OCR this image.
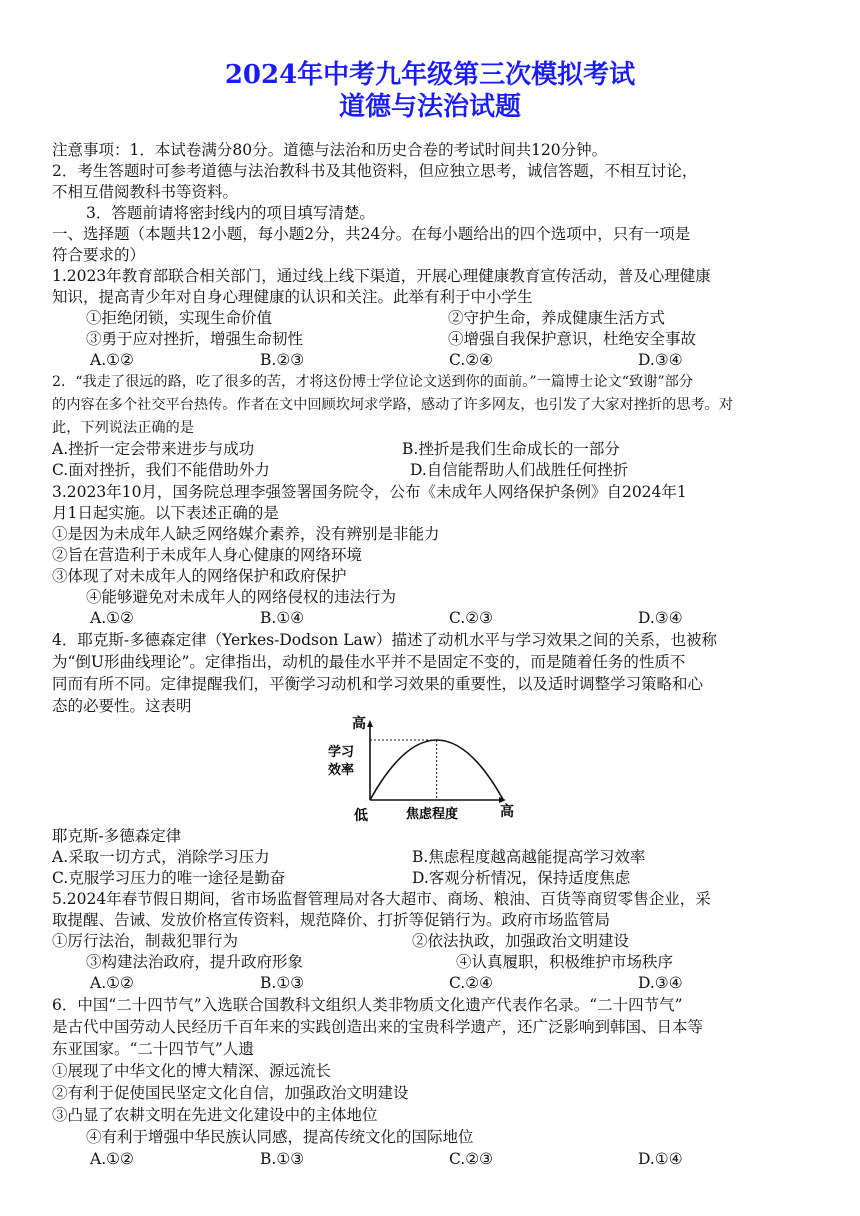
2024年中考九年级第三次模拟考试
道德与法治试题
注意事项：1．本试卷满分80分。道德与法治和历史合卷的考试时间共120分钟。
2．考生答题时可参考道德与法治教科书及其他资料，但应独立思考，诚信答题，不相互讨论，
不相互借阅教科书等资料。
3．答题前请将密封线内的项目填写清楚。
一、选择题（本题共12小题，每小题2分，共24分。在每小题给出的四个选项中，只有一项是
符合要求的）
1.2023年教育部联合相关部门，通过线上线下渠道，开展心理健康教育宣传活动，普及心理健康
知识，提高青少年对自身心理健康的认识和关注。此举有利于中小学生
①拒绝闭锁，实现生命价值	②守护生命，养成健康生活方式
③勇于应对挫折，增强生命韧性	④增强自我保护意识，杜绝安全事故
A.①②	B.②③	C.②④	D.③④
2．“我走了很远的路，吃了很多的苦，才将这份博士学位论文送到你的面前。”一篇博士论文“致谢”部分
的内容在多个社交平台热传。作者在文中回顾坎坷求学路，感动了许多网友，也引发了大家对挫折的思考。对
此，下列说法正确的是
A.挫折一定会带来进步与成功	B.挫折是我们生命成长的一部分
C.面对挫折，我们不能借助外力	D.自信能帮助人们战胜任何挫折
3.2023年10月，国务院总理李强签署国务院令，公布《未成年人网络保护条例》自2024年1
月1日起实施。以下表述正确的是
①是因为未成年人缺乏网络媒介素养，没有辨别是非能力
②旨在营造利于未成年人身心健康的网络环境
③体现了对未成年人的网络保护和政府保护
④能够避免对未成年人的网络侵权的违法行为
A.①②	B.①④	C.②③	D.③④
4．耶克斯-多德森定律（Yerkes-Dodson Law）描述了动机水平与学习效果之间的关系，也被称
为“倒U形曲线理论”。定律指出，动机的最佳水平并不是固定不变的，而是随着任务的性质不
同而有所不同。定律提醒我们，平衡学习动机和学习效果的重要性，以及适时调整学习策略和心
态的必要性。这表明
高
学习
效率
低	焦虑程度	高
耶克斯-多德森定律
A.采取一切方式，消除学习压力	B.焦虑程度越高越能提高学习效率
C.克服学习压力的唯一途径是勤奋	D.客观分析情况，保持适度焦虑
5.2024年春节假日期间，省市场监督管理局对各大超市、商场、粮油、百货等商贸零售企业，采
取提醒、告诫、发放价格宣传资料，规范降价、打折等促销行为。政府市场监管局
①厉行法治，制裁犯罪行为	②依法执政，加强政治文明建设
③构建法治政府，提升政府形象	④认真履职，积极维护市场秩序
A.①②	B.①③	C.②④	D.③④
6．中国“二十四节气”入选联合国教科文组织人类非物质文化遗产代表作名录。“二十四节气”
是古代中国劳动人民经历千百年来的实践创造出来的宝贵科学遗产，还广泛影响到韩国、日本等
东亚国家。“二十四节气”人遗
①展现了中华文化的博大精深、源远流长
②有利于促使国民坚定文化自信，加强政治文明建设
③凸显了农耕文明在先进文化建设中的主体地位
④有利于增强中华民族认同感，提高传统文化的国际地位
A.①②	B.①③	C.②③	D.①④
